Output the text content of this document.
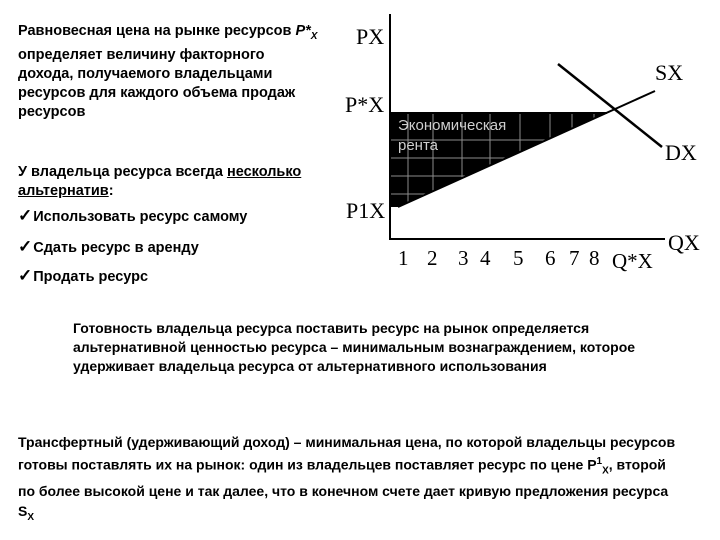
Равновесная цена на рынке ресурсов $P*_X$ определяет величину факторного дохода, получаемого владельцами ресурсов для каждого объема продаж ресурсов
У владельца ресурса всегда несколько альтернатив:
✓ Использовать ресурс самому
✓ Сдать ресурс в аренду
✓ Продать ресурс
Экономическая
рента
PX
P*X
P1X
SX
DX
QX
1 2 3 4 5 6 7 8 Q*X
Готовность владельца ресурса поставить ресурс на рынок определяется альтернативной ценностью ресурса – минимальным вознаграждением, которое удерживает владельца ресурса от альтернативного использования
Трансфертный (удерживающий доход) – минимальная цена, по которой владельцы ресурсов готовы поставлять их на рынок: один из владельцев поставляет ресурс по цене $P^1_X$, второй по более высокой цене и так далее, что в конечном счете дает кривую предложения ресурса $S_X$
